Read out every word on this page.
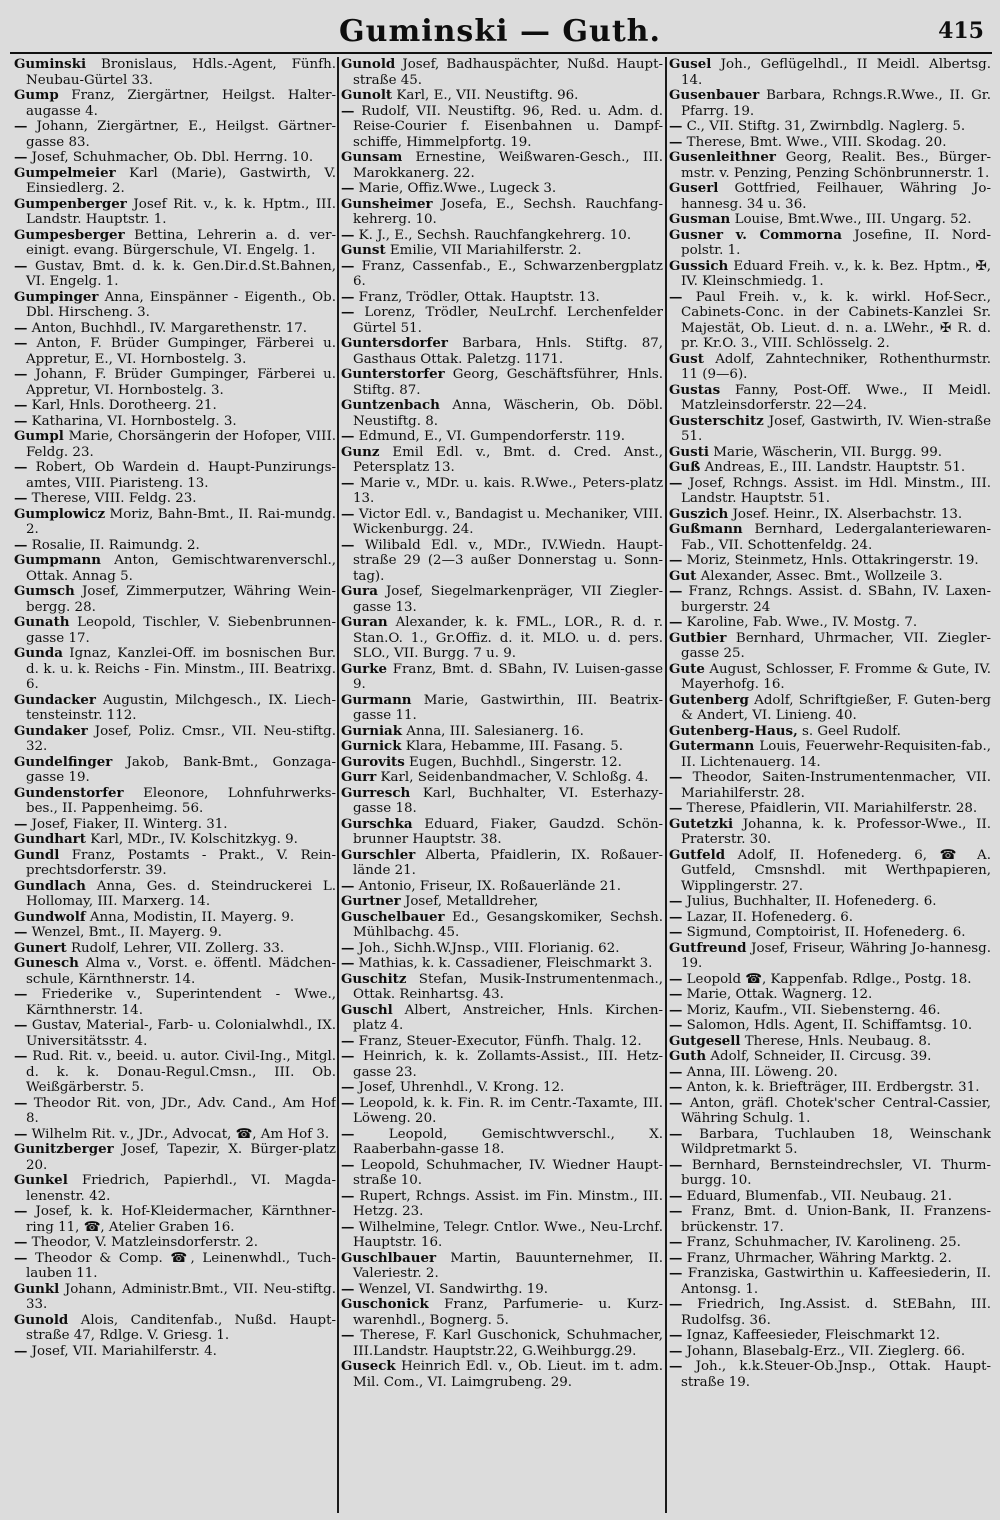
Guminski — Guth.	415

Guminski Bronislaus, Hdls.-Agent, Fünfh. Neubau-Gürtel 33.

Gump Franz, Ziergärtner, Heilgst. Halter-augasse 4.

— Johann, Ziergärtner, E., Heilgst. Gärtner-gasse 83.

— Josef, Schuhmacher, Ob. Dbl. Herrng. 10.

Gumpelmeier Karl (Marie), Gastwirth, V. Einsiedlerg. 2.

Gumpenberger Josef Rit. v., k. k. Hptm., III. Landstr. Hauptstr. 1.

Gumpesberger Bettina, Lehrerin a. d. ver-einigt. evang. Bürgerschule, VI. Engelg. 1.

— Gustav, Bmt. d. k. k. Gen.Dir.d.St.Bahnen, VI. Engelg. 1.

Gumpinger Anna, Einspänner - Eigenth., Ob. Dbl. Hirscheng. 3.

— Anton, Buchhdl., IV. Margarethenstr. 17.

— Anton, F. Brüder Gumpinger, Färberei u. Appretur, E., VI. Hornbostelg. 3.

— Johann, F. Brüder Gumpinger, Färberei u. Appretur, VI. Hornbostelg. 3.

— Karl, Hnls. Dorotheerg. 21.

— Katharina, VI. Hornbostelg. 3.

Gumpl Marie, Chorsängerin der Hofoper, VIII. Feldg. 23.

— Robert, Ob Wardein d. Haupt-Punzirungs-amtes, VIII. Piaristeng. 13.

— Therese, VIII. Feldg. 23.

Gumplowicz Moriz, Bahn-Bmt., II. Rai-mundg. 2.

— Rosalie, II. Raimundg. 2.

Gumpmann Anton, Gemischtwarenverschl., Ottak. Annag 5.

Gumsch Josef, Zimmerputzer, Währing Wein-bergg. 28.

Gunath Leopold, Tischler, V. Siebenbrunnen-gasse 17.

Gunda Ignaz, Kanzlei-Off. im bosnischen Bur. d. k. u. k. Reichs - Fin. Minstm., III. Beatrixg. 6.

Gundacker Augustin, Milchgesch., IX. Liech-tensteinstr. 112.

Gundaker Josef, Poliz. Cmsr., VII. Neu-stiftg. 32.

Gundelfinger Jakob, Bank-Bmt., Gonzaga-gasse 19.

Gundenstorfer Eleonore, Lohnfuhrwerks-bes., II. Pappenheimg. 56.

— Josef, Fiaker, II. Winterg. 31.

Gundhart Karl, MDr., IV. Kolschitzkyg. 9.

Gundl Franz, Postamts - Prakt., V. Rein-prechtsdorferstr. 39.

Gundlach Anna, Ges. d. Steindruckerei L. Hollomay, III. Marxerg. 14.

Gundwolf Anna, Modistin, II. Mayerg. 9.

— Wenzel, Bmt., II. Mayerg. 9.

Gunert Rudolf, Lehrer, VII. Zollerg. 33.

Gunesch Alma v., Vorst. e. öffentl. Mädchen-schule, Kärnthnerstr. 14.

— Friederike v., Superintendent - Wwe., Kärnthnerstr. 14.

— Gustav, Material-, Farb- u. Colonialwhdl., IX. Universitätsstr. 4.

— Rud. Rit. v., beeid. u. autor. Civil-Ing., Mitgl. d. k. k. Donau-Regul.Cmsn., III. Ob. Weißgärberstr. 5.

— Theodor Rit. von, JDr., Adv. Cand., Am Hof 8.

— Wilhelm Rit. v., JDr., Advocat, ☎, Am Hof 3.

Gunitzberger Josef, Tapezir, X. Bürger-platz 20.

Gunkel Friedrich, Papierhdl., VI. Magda-lenenstr. 42.

— Josef, k. k. Hof-Kleidermacher, Kärnthner-ring 11, ☎, Atelier Graben 16.

— Theodor, V. Matzleinsdorferstr. 2.

— Theodor & Comp. ☎, Leinenwhdl., Tuch-lauben 11.

Gunkl Johann, Administr.Bmt., VII. Neu-stiftg. 33.

Gunold Alois, Canditenfab., Nußd. Haupt-straße 47, Rdlge. V. Griesg. 1.

— Josef, VII. Mariahilferstr. 4.

Gunold Josef, Badhauspächter, Nußd. Haupt-straße 45.

Gunolt Karl, E., VII. Neustiftg. 96.

— Rudolf, VII. Neustiftg. 96, Red. u. Adm. d. Reise-Courier f. Eisenbahnen u. Dampf-schiffe, Himmelpfortg. 19.

Gunsam Ernestine, Weißwaren-Gesch., III. Marokkanerg. 22.

— Marie, Offiz.Wwe., Lugeck 3.

Gunsheimer Josefa, E., Sechsh. Rauchfang-kehrerg. 10.

— K. J., E., Sechsh. Rauchfangkehrerg. 10.

Gunst Emilie, VII Mariahilferstr. 2.

— Franz, Cassenfab., E., Schwarzenbergplatz 6.

— Franz, Trödler, Ottak. Hauptstr. 13.

— Lorenz, Trödler, NeuLrchf. Lerchenfelder Gürtel 51.

Guntersdorfer Barbara, Hnls. Stiftg. 87, Gasthaus Ottak. Paletzg. 1171.

Gunterstorfer Georg, Geschäftsführer, Hnls. Stiftg. 87.

Guntzenbach Anna, Wäscherin, Ob. Döbl. Neustiftg. 8.

— Edmund, E., VI. Gumpendorferstr. 119.

Gunz Emil Edl. v., Bmt. d. Cred. Anst., Petersplatz 13.

— Marie v., MDr. u. kais. R.Wwe., Peters-platz 13.

— Victor Edl. v., Bandagist u. Mechaniker, VIII. Wickenburgg. 24.

— Wilibald Edl. v., MDr., IV.Wiedn. Haupt-straße 29 (2—3 außer Donnerstag u. Sonn-tag).

Gura Josef, Siegelmarkenpräger, VII Ziegler-gasse 13.

Guran Alexander, k. k. FML., LOR., R. d. r. Stan.O. 1., Gr.Offiz. d. it. MLO. u. d. pers. SLO., VII. Burgg. 7 u. 9.

Gurke Franz, Bmt. d. SBahn, IV. Luisen-gasse 9.

Gurmann Marie, Gastwirthin, III. Beatrix-gasse 11.

Gurniak Anna, III. Salesianerg. 16.

Gurnick Klara, Hebamme, III. Fasang. 5.

Gurovits Eugen, Buchhdl., Singerstr. 12.

Gurr Karl, Seidenbandmacher, V. Schloßg. 4.

Gurresch Karl, Buchhalter, VI. Esterhazy-gasse 18.

Gurschka Eduard, Fiaker, Gaudzd. Schön-brunner Hauptstr. 38.

Gurschler Alberta, Pfaidlerin, IX. Roßauer-lände 21.

— Antonio, Friseur, IX. Roßauerlände 21.

Gurtner Josef, Metalldreher,

Guschelbauer Ed., Gesangskomiker, Sechsh. Mühlbachg. 45.

— Joh., Sichh.W.Jnsp., VIII. Florianig. 62.

— Mathias, k. k. Cassadiener, Fleischmarkt 3.

Guschitz Stefan, Musik-Instrumentenmach., Ottak. Reinhartsg. 43.

Guschl Albert, Anstreicher, Hnls. Kirchen-platz 4.

— Franz, Steuer-Executor, Fünfh. Thalg. 12.

— Heinrich, k. k. Zollamts-Assist., III. Hetz-gasse 23.

— Josef, Uhrenhdl., V. Krong. 12.

— Leopold, k. k. Fin. R. im Centr.-Taxamte, III. Löweng. 20.

—	Leopold, Gemischtwverschl., X. Raaberbahn-gasse 18.

— Leopold, Schuhmacher, IV. Wiedner Haupt-straße 10.

— Rupert, Rchngs. Assist. im Fin. Minstm., III. Hetzg. 23.

— Wilhelmine, Telegr. Cntlor. Wwe., Neu-Lrchf. Hauptstr. 16.

Guschlbauer Martin, Bauunternehmer, II. Valeriestr. 2.

— Wenzel, VI. Sandwirthg. 19.

Guschonick Franz, Parfumerie- u. Kurz-warenhdl., Bognerg. 5.

— Therese, F. Karl Guschonick, Schuhmacher, III.Landstr. Hauptstr.22, G.Weihburgg.29.

Guseck Heinrich Edl. v., Ob. Lieut. im t. adm. Mil. Com., VI. Laimgrubeng. 29.

Gusel Joh., Geflügelhdl., II Meidl. Albertsg. 14.

Gusenbauer Barbara, Rchngs.R.Wwe., II. Gr. Pfarrg. 19.

— C., VII. Stiftg. 31, Zwirnbdlg. Naglerg. 5.

— Therese, Bmt. Wwe., VIII. Skodag. 20.

Gusenleithner Georg, Realit. Bes., Bürger-mstr. v. Penzing, Penzing Schönbrunnerstr. 1.

Guserl Gottfried, Feilhauer, Währing Jo-hannesg. 34 u. 36.

Gusman Louise, Bmt.Wwe., III. Ungarg. 52.

Gusner v. Commorna Josefine, II. Nord-polstr. 1.

Gussich Eduard Freih. v., k. k. Bez. Hptm., ✠, IV. Kleinschmiedg. 1.

— Paul Freih. v., k. k. wirkl. Hof-Secr., Cabinets-Conc. in der Cabinets-Kanzlei Sr. Majestät, Ob. Lieut. d. n. a. LWehr., ✠ R. d. pr. Kr.O. 3., VIII. Schlösselg. 2.

Gust Adolf, Zahntechniker, Rothenthurmstr. 11 (9—6).

Gustas Fanny, Post-Off. Wwe., II Meidl. Matzleinsdorferstr. 22—24.

Gusterschitz Josef, Gastwirth, IV. Wien-straße 51.

Gusti Marie, Wäscherin, VII. Burgg. 99.

Guß Andreas, E., III. Landstr. Hauptstr. 51.

— Josef, Rchngs. Assist. im Hdl. Minstm., III. Landstr. Hauptstr. 51.

Guszich Josef. Heinr., IX. Alserbachstr. 13.

Gußmann Bernhard, Ledergalanteriewaren-Fab., VII. Schottenfeldg. 24.

— Moriz, Steinmetz, Hnls. Ottakringerstr. 19.

Gut Alexander, Assec. Bmt., Wollzeile 3.

— Franz, Rchngs. Assist. d. SBahn, IV. Laxen-burgerstr. 24

— Karoline, Fab. Wwe., IV. Mostg. 7.

Gutbier Bernhard, Uhrmacher, VII. Ziegler-gasse 25.

Gute August, Schlosser, F. Fromme & Gute, IV. Mayerhofg. 16.

Gutenberg Adolf, Schriftgießer, F. Guten-berg & Andert, VI. Linieng. 40.

Gutenberg-Haus, s. Geel Rudolf.

Gutermann Louis, Feuerwehr-Requisiten-fab., II. Lichtenauerg. 14.

— Theodor, Saiten-Instrumentenmacher, VII. Mariahilferstr. 28.

— Therese, Pfaidlerin, VII. Mariahilferstr. 28.

Gutetzki Johanna, k. k. Professor-Wwe., II. Praterstr. 30.

Gutfeld Adolf, II. Hofenederg. 6, ☎ A. Gutfeld, Cmsnshdl. mit Werthpapieren, Wipplingerstr. 27.

— Julius, Buchhalter, II. Hofenederg. 6.

— Lazar, II. Hofenederg. 6.

— Sigmund, Comptoirist, II. Hofenederg. 6.

Gutfreund Josef, Friseur, Währing Jo-hannesg. 19.

— Leopold ☎, Kappenfab. Rdlge., Postg. 18.

— Marie, Ottak. Wagnerg. 12.

— Moriz, Kaufm., VII. Siebensterng. 46.

— Salomon, Hdls. Agent, II. Schiffamtsg. 10.

Gutgesell Therese, Hnls. Neubaug. 8.

Guth Adolf, Schneider, II. Circusg. 39.

— Anna, III. Löweng. 20.

— Anton, k. k. Briefträger, III. Erdbergstr. 31.

— Anton, gräfl. Chotek'scher Central-Cassier, Währing Schulg. 1.

— Barbara, Tuchlauben 18, Weinschank Wildpretmarkt 5.

— Bernhard, Bernsteindrechsler, VI. Thurm-burgg. 10.

— Eduard, Blumenfab., VII. Neubaug. 21.

— Franz, Bmt. d. Union-Bank, II. Franzens-brückenstr. 17.

— Franz, Schuhmacher, IV. Karolineng. 25.

— Franz, Uhrmacher, Währing Marktg. 2.

— Franziska, Gastwirthin u. Kaffeesiederin, II. Antonsg. 1.

— Friedrich, Ing.Assist. d. StEBahn, III. Rudolfsg. 36.

— Ignaz, Kaffeesieder, Fleischmarkt 12.

— Johann, Blasebalg-Erz., VII. Zieglerg. 66.

— Joh., k.k.Steuer-Ob.Jnsp., Ottak. Haupt-straße 19.
